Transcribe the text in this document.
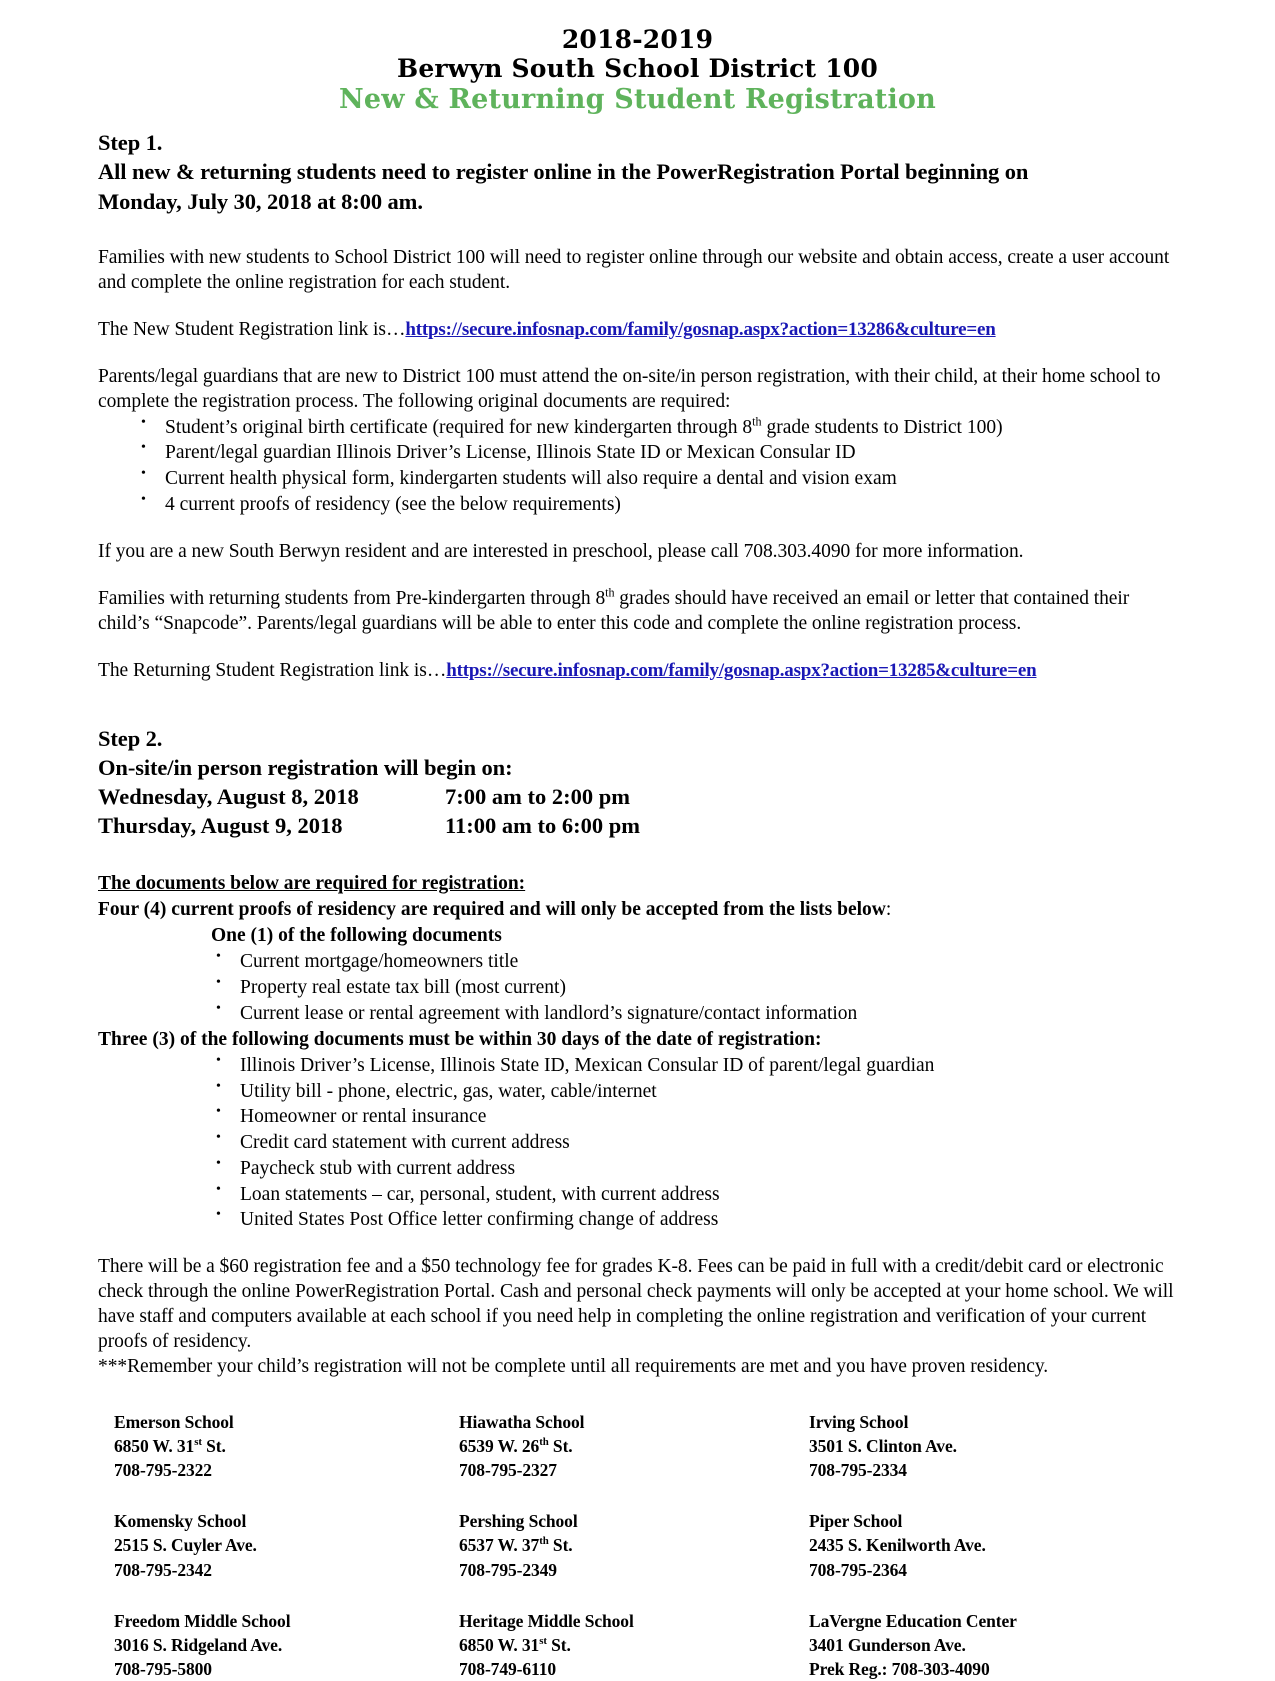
2018-2019
Berwyn South School District 100
New & Returning Student Registration
Step 1.
All new & returning students need to register online in the PowerRegistration Portal beginning on
Monday, July 30, 2018 at 8:00 am.

Families with new students to School District 100 will need to register online through our website and obtain access, create a user account and complete the online registration for each student.

The New Student Registration link is…https://secure.infosnap.com/family/gosnap.aspx?action=13286&culture=en

Parents/legal guardians that are new to District 100 must attend the on-site/in person registration, with their child, at their home school to complete the registration process. The following original documents are required:

• Student’s original birth certificate (required for new kindergarten through 8th grade students to District 100)
• Parent/legal guardian Illinois Driver’s License, Illinois State ID or Mexican Consular ID
• Current health physical form, kindergarten students will also require a dental and vision exam
• 4 current proofs of residency (see the below requirements)

If you are a new South Berwyn resident and are interested in preschool, please call 708.303.4090 for more information.

Families with returning students from Pre-kindergarten through 8th grades should have received an email or letter that contained their child’s “Snapcode”. Parents/legal guardians will be able to enter this code and complete the online registration process.

The Returning Student Registration link is…https://secure.infosnap.com/family/gosnap.aspx?action=13285&culture=en

Step 2.
On-site/in person registration will begin on:
Wednesday, August 8, 2018	7:00 am to 2:00 pm
Thursday, August 9, 2018	11:00 am to 6:00 pm
The documents below are required for registration:
Four (4) current proofs of residency are required and will only be accepted from the lists below:
One (1) of the following documents
• Current mortgage/homeowners title
• Property real estate tax bill (most current)
• Current lease or rental agreement with landlord’s signature/contact information
Three (3) of the following documents must be within 30 days of the date of registration:
• Illinois Driver’s License, Illinois State ID, Mexican Consular ID of parent/legal guardian
• Utility bill - phone, electric, gas, water, cable/internet
• Homeowner or rental insurance
• Credit card statement with current address
• Paycheck stub with current address
• Loan statements – car, personal, student, with current address
• United States Post Office letter confirming change of address

There will be a $60 registration fee and a $50 technology fee for grades K-8. Fees can be paid in full with a credit/debit card or electronic check through the online PowerRegistration Portal. Cash and personal check payments will only be accepted at your home school. We will have staff and computers available at each school if you need help in completing the online registration and verification of your current proofs of residency.

***Remember your child’s registration will not be complete until all requirements are met and you have proven residency.

Emerson School
6850 W. 31st St.
708-795-2322
Hiawatha School
6539 W. 26th St.
708-795-2327
Irving School
3501 S. Clinton Ave.
708-795-2334
Komensky School
2515 S. Cuyler Ave.
708-795-2342
Pershing School
6537 W. 37th St.
708-795-2349
Piper School
2435 S. Kenilworth Ave.
708-795-2364
Freedom Middle School
3016 S. Ridgeland Ave.
708-795-5800
Heritage Middle School
6850 W. 31st St.
708-749-6110
LaVergne Education Center
3401 Gunderson Ave.
Prek Reg.: 708-303-4090
